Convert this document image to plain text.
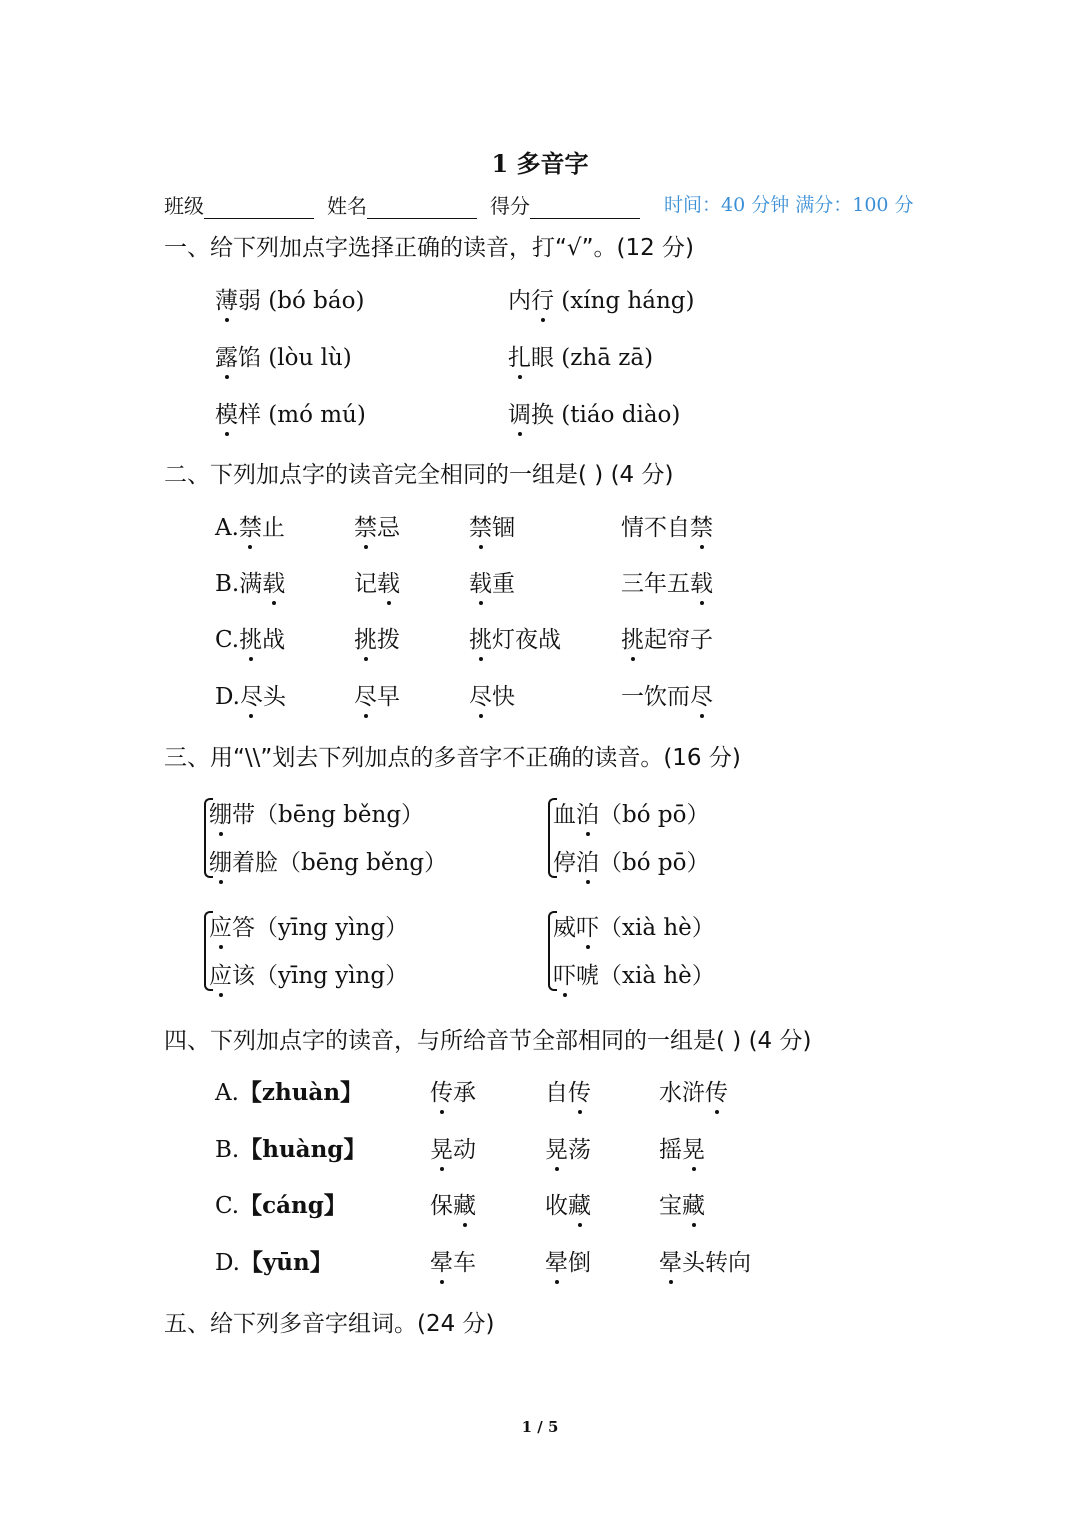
1 多音字
班级	姓名	得分	时间：40 分钟 满分：100 分
一、给下列加点字选择正确的读音，打“√”。(12 分)
二、下列加点字的读音完全相同的一组是( ) (4 分)
三、用“\\”划去下列加点的多音字不正确的读音。(16 分)
四、下列加点字的读音，与所给音节全部相同的一组是( ) (4 分)
五、给下列多音字组词。(24 分)
1 / 5
薄弱 (bó báo)	内行 (xíng háng)
露馅 (lòu lù)	扎眼 (zhā zā)
模样 (mó mú)	调换 (tiáo diào)
A.禁止	禁忌	禁锢	情不自禁
B.满载	记载	载重	三年五载
C.挑战	挑拨	挑灯夜战	挑起帘子
D.尽头	尽早	尽快	一饮而尽
绷带（bēng běng）
绷着脸（bēng běng）
血泊（bó pō）
停泊（bó pō）
应答（yīng yìng）
应该（yīng yìng）
威吓（xià hè）
吓唬（xià hè）
A.【zhuàn】	传承	自传	水浒传
B.【huàng】	晃动	晃荡	摇晃
C.【cáng】	保藏	收藏	宝藏
D.【yūn】	晕车	晕倒	晕头转向
